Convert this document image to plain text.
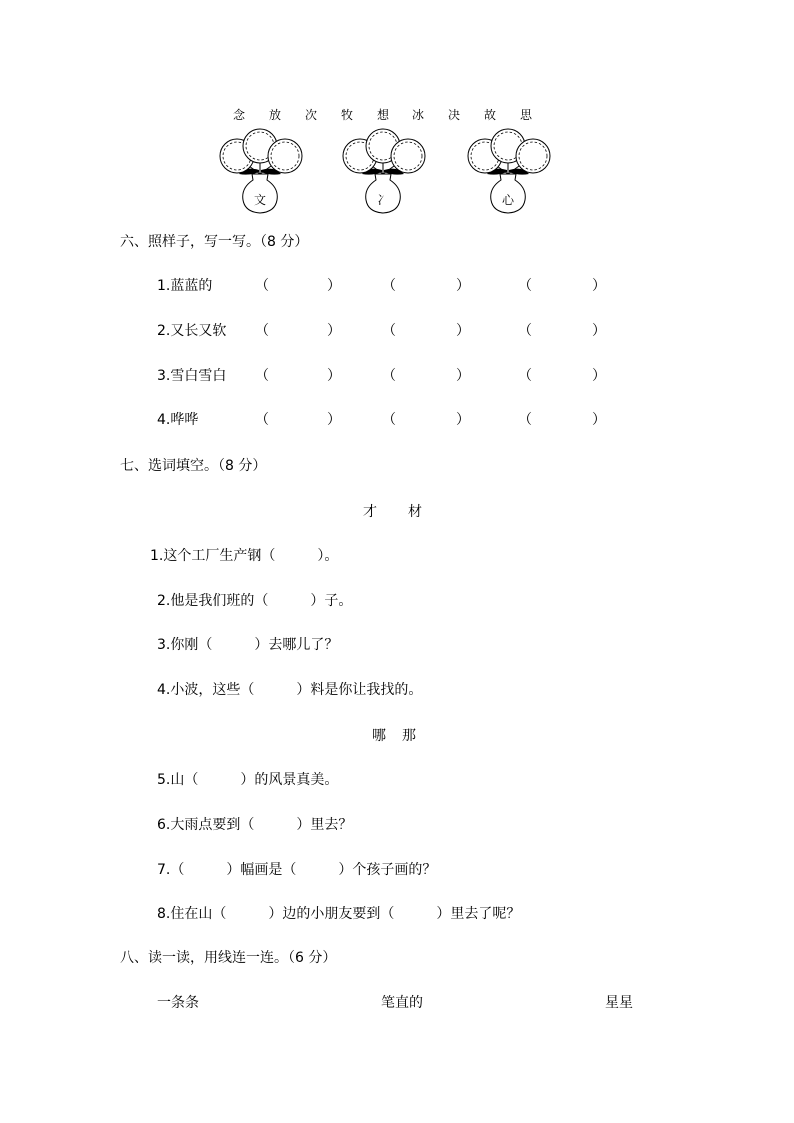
念 放 次 牧 想 冰 决 故 思
文	冫	心
六、照样子，写一写。（8 分）
1.蓝蓝的	（	）	（	）	（	）
2.又长又软 （	）	（	）	（	）
3.雪白雪白 （	）	（	）	（	）
4.哗哗	（	）	（	）	（	）
七、选词填空。（8 分）
才　　材
1.这个工厂生产钢（　　　）。
2.他是我们班的（　　　）子。
3.你刚（　　　）去哪儿了？
4.小波，这些（　　　）料是你让我找的。
哪　那
5.山（　　　）的风景真美。
6.大雨点要到（　　　）里去？
7.（　　　）幅画是（　　　）个孩子画的？
8.住在山（　　　）边的小朋友要到（　　　）里去了呢？
八、读一读，用线连一连。（6 分）
一条条	笔直的	星星
